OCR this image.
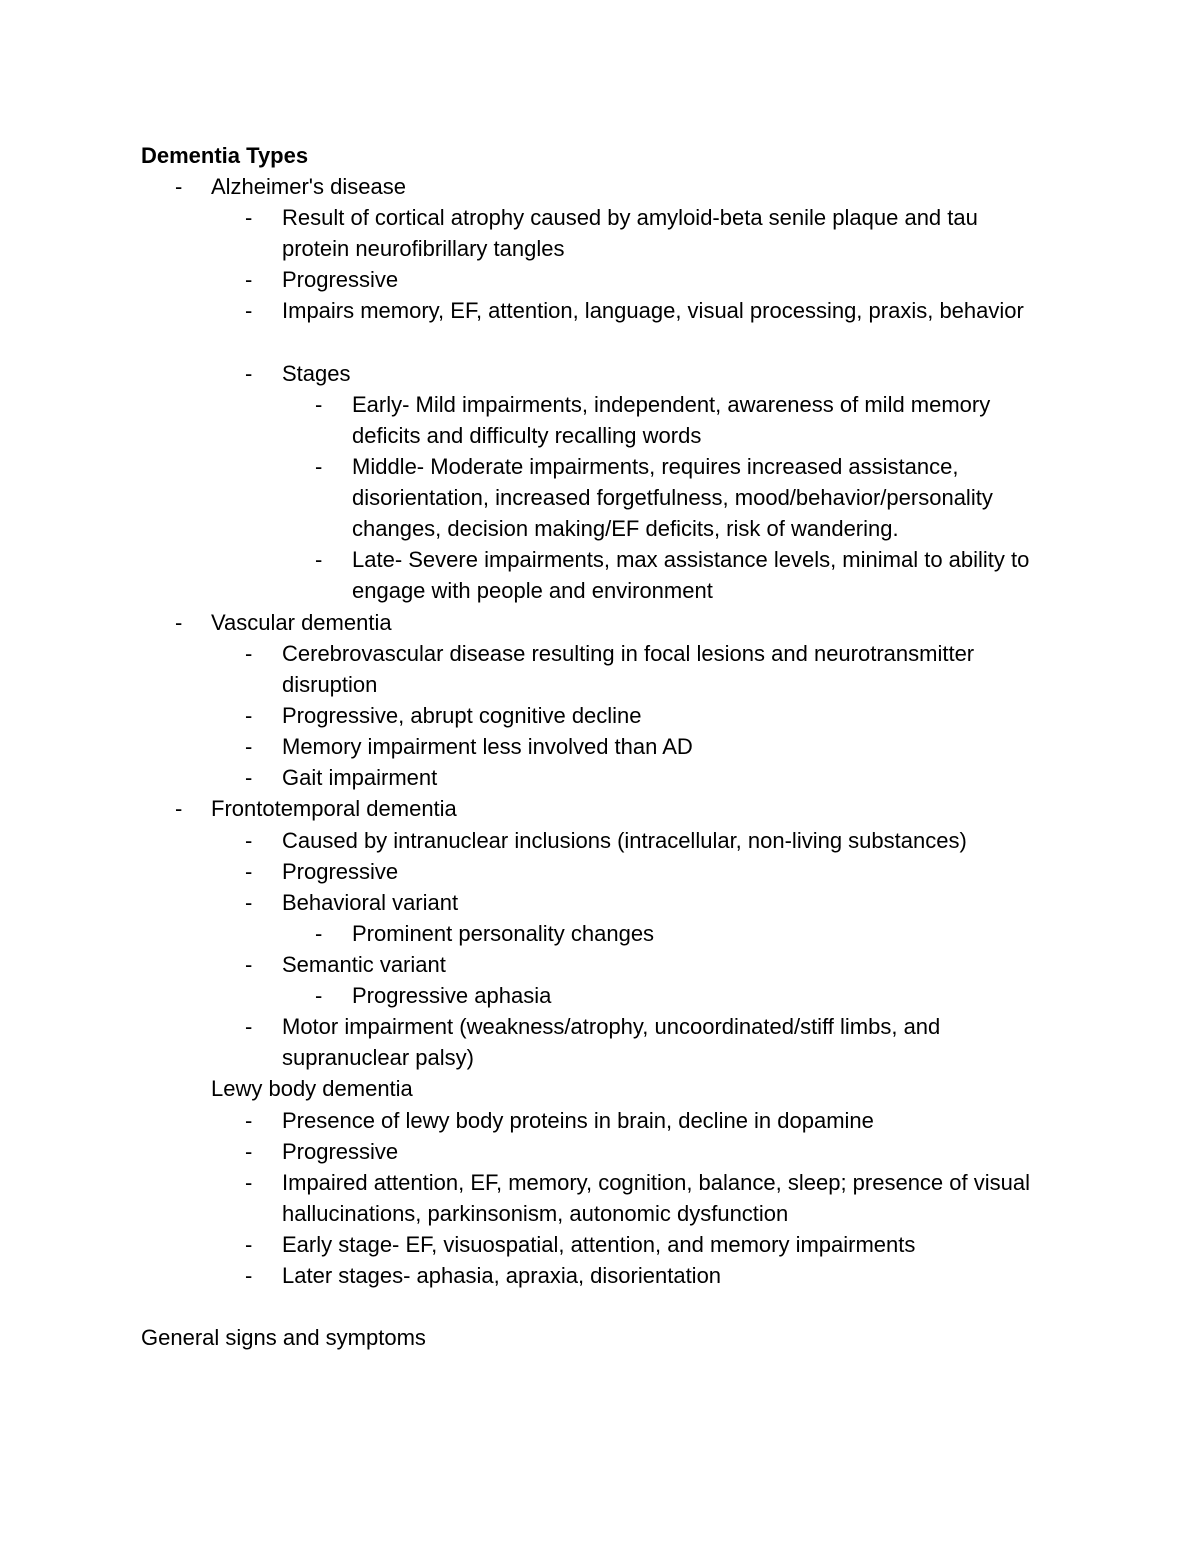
Dementia Types
-	Alzheimer's disease
-	Result of cortical atrophy caused by amyloid-beta senile plaque and tau protein neurofibrillary tangles
-	Progressive
-	Impairs memory, EF, attention, language, visual processing, praxis, behavior
-	Stages
-	Early- Mild impairments, independent, awareness of mild memory deficits and difficulty recalling words
-	Middle- Moderate impairments, requires increased assistance, disorientation, increased forgetfulness, mood/behavior/personality changes, decision making/EF deficits, risk of wandering.
-	Late- Severe impairments, max assistance levels, minimal to ability to engage with people and environment
-	Vascular dementia
-	Cerebrovascular disease resulting in focal lesions and neurotransmitter disruption
-	Progressive, abrupt cognitive decline
-	Memory impairment less involved than AD
-	Gait impairment
-	Frontotemporal dementia
-	Caused by intranuclear inclusions (intracellular, non-living substances)
-	Progressive
-	Behavioral variant
-	Prominent personality changes
-	Semantic variant
-	Progressive aphasia
-	Motor impairment (weakness/atrophy, uncoordinated/stiff limbs, and supranuclear palsy)
Lewy body dementia
-	Presence of lewy body proteins in brain, decline in dopamine
-	Progressive
-	Impaired attention, EF, memory, cognition, balance, sleep; presence of visual hallucinations, parkinsonism, autonomic dysfunction
-	Early stage- EF, visuospatial, attention, and memory impairments
-	Later stages- aphasia, apraxia, disorientation
General signs and symptoms
